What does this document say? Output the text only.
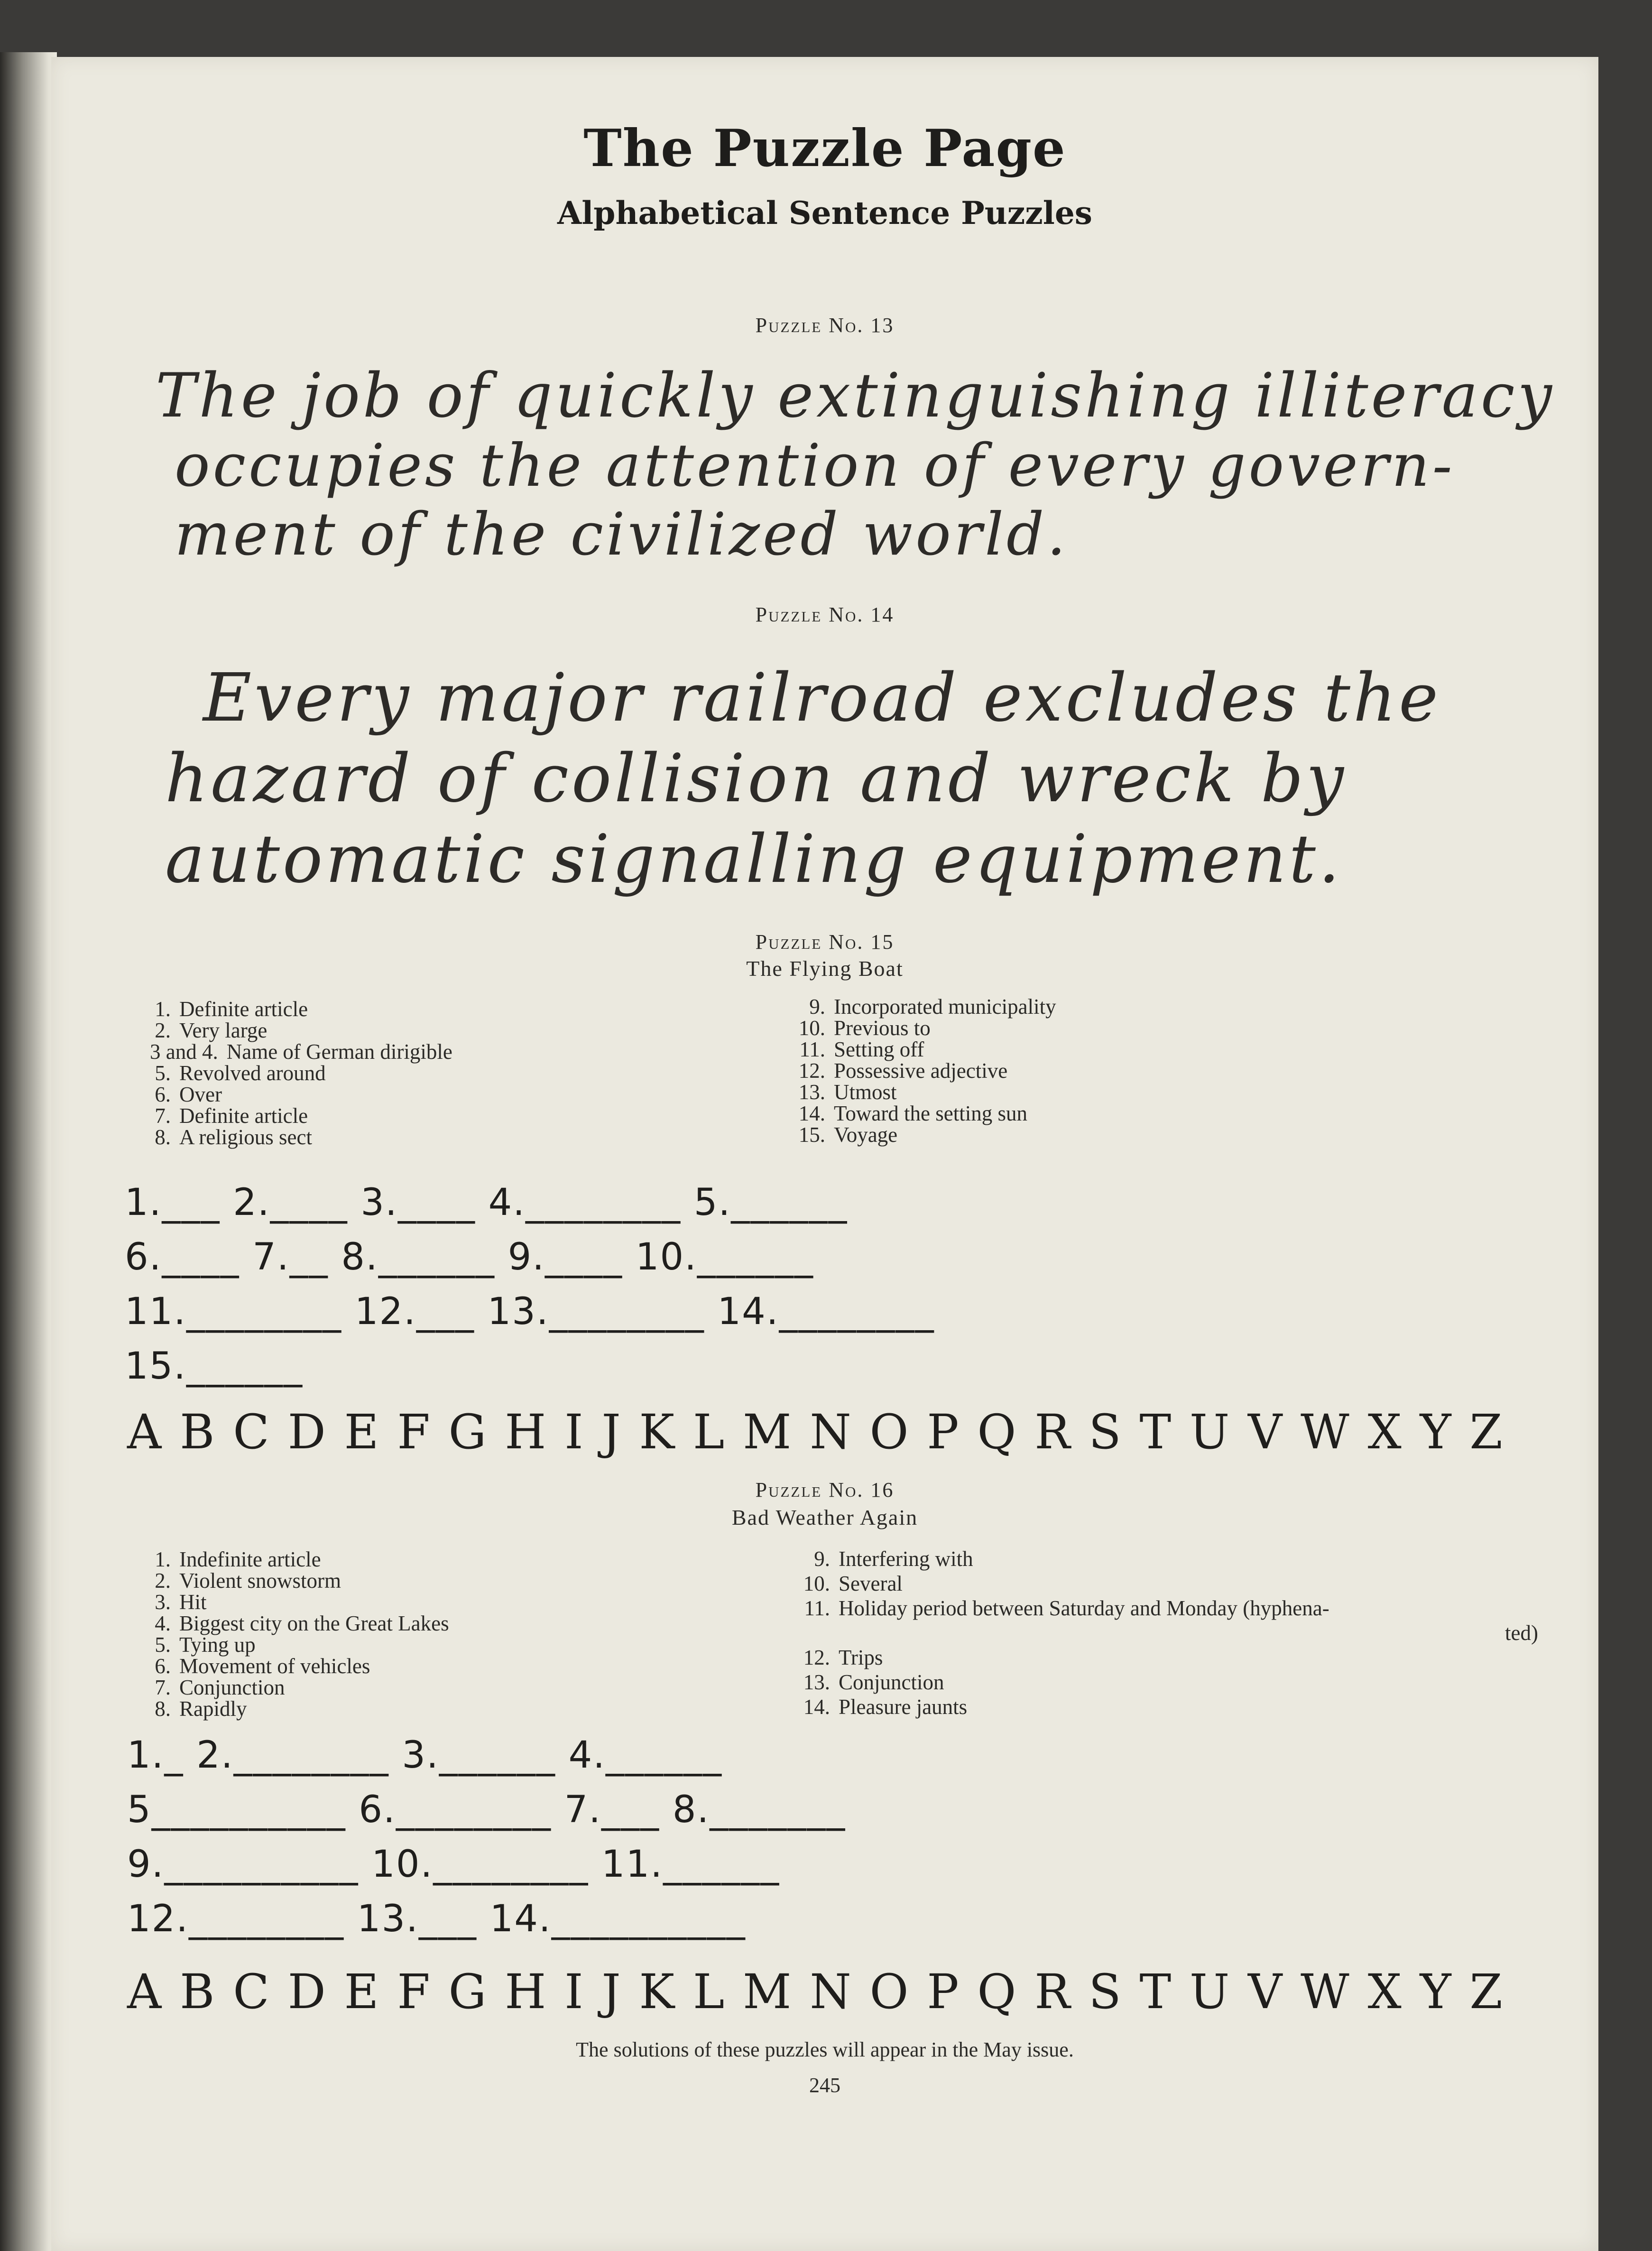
The Puzzle Page
Alphabetical Sentence Puzzles
Puzzle No. 13
The job of quickly extinguishing illiteracy
occupies the attention of every govern-
ment of the civilized world.
Puzzle No. 14
Every major railroad excludes the
hazard of collision and wreck by
automatic signalling equipment.
Puzzle No. 15
The Flying Boat
1. Definite article
2. Very large
3 and 4. Name of German dirigible
5. Revolved around
6. Over
7. Definite article
8. A religious sect
9. Incorporated municipality
10. Previous to
11. Setting off
12. Possessive adjective
13. Utmost
14. Toward the setting sun
15. Voyage
1.___ 2.____ 3.____ 4.________ 5.______
6.____ 7.__ 8.______ 9.____ 10.______
11.________ 12.___ 13.________ 14.________
15.______
A B C D E F G H I J K L M N O P Q R S T U V W X Y Z
Puzzle No. 16
Bad Weather Again
1. Indefinite article
2. Violent snowstorm
3. Hit
4. Biggest city on the Great Lakes
5. Tying up
6. Movement of vehicles
7. Conjunction
8. Rapidly
9. Interfering with
10. Several
11. Holiday period between Saturday and Monday (hyphena-
ted)
12. Trips
13. Conjunction
14. Pleasure jaunts
1._ 2.________ 3.______ 4.______
5__________ 6.________ 7.___ 8._______
9.__________ 10.________ 11.______
12.________ 13.___ 14.__________
A B C D E F G H I J K L M N O P Q R S T U V W X Y Z
The solutions of these puzzles will appear in the May issue.
245
